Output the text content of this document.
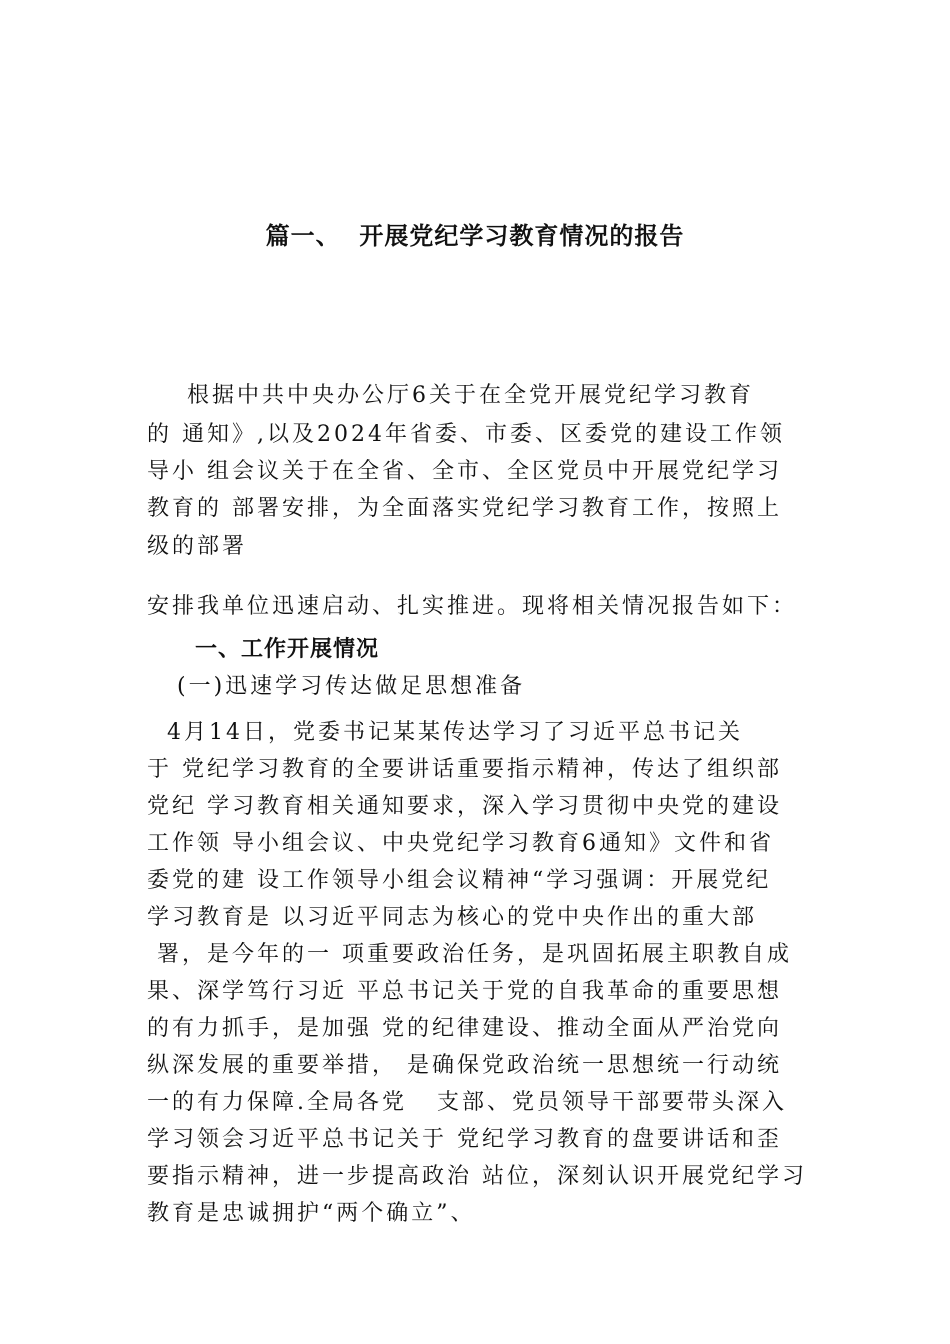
篇一、  开展党纪学习教育情况的报告
根据中共中央办公厅6关于在全党开展党纪学习教育
的 通知》,以及2024年省委、市委、区委党的建设工作领
导小 组会议关于在全省、全市、全区党员中开展党纪学习
教育的 部署安排，为全面落实党纪学习教育工作，按照上
级的部署
安排我单位迅速启动、扎实推进。现将相关情况报告如下：
一、工作开展情况
(一)迅速学习传达做足思想准备
4月14日，党委书记某某传达学习了习近平总书记关
于 党纪学习教育的全要讲话重要指示精神，传达了组织部
党纪 学习教育相关通知要求，深入学习贯彻中央党的建设
工作领 导小组会议、中央党纪学习教育6通知》文件和省
委党的建 设工作领导小组会议精神“学习强调：开展党纪
学习教育是 以习近平同志为核心的党中央作出的重大部
署，是今年的一 项重要政治任务，是巩固拓展主职教自成
果、深学笃行习近 平总书记关于党的自我革命的重要思想
的有力抓手，是加强 党的纪律建设、推动全面从严治党向
纵深发展的重要举措， 是确保党政治统一思想统一行动统
一的有力保障.全局各党   支部、党员领导干部要带头深入
学习领会习近平总书记关于 党纪学习教育的盘要讲话和歪
要指示精神，进一步提高政治 站位，深刻认识开展党纪学习
教育是忠诚拥护“两个确立”、
